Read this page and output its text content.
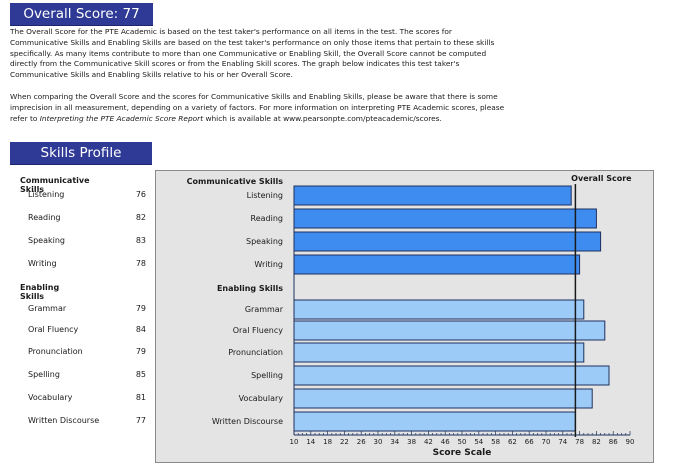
Overall Score: 77
The Overall Score for the PTE Academic is based on the test taker's performance on all items in the test. The scores for Communicative Skills and Enabling Skills are based on the test taker's performance on only those items that pertain to these skills specifically. As many items contribute to more than one Communicative or Enabling Skill, the Overall Score cannot be computed directly from the Communicative Skill scores or from the Enabling Skill scores. The graph below indicates this test taker's Communicative Skills and Enabling Skills relative to his or her Overall Score.
When comparing the Overall Score and the scores for Communicative Skills and Enabling Skills, please be aware that there is some imprecision in all measurement, depending on a variety of factors. For more information on interpreting PTE Academic scores, please refer to Interpreting the PTE Academic Score Report which is available at www.pearsonpte.com/pteacademic/scores.
Skills Profile
Communicative Skills
Listening	76
Reading	82
Speaking	83
Writing	78
Enabling Skills
Grammar	79
Oral Fluency	84
Pronunciation	79
Spelling	85
Vocabulary	81
Written Discourse	77
Communicative Skills
Enabling Skills
Overall Score
Listening
Reading
Speaking
Writing
Grammar
Oral Fluency
Pronunciation
Spelling
Vocabulary
Written Discourse
10 14 18 22 26 30 34 38 42 46 50 54 58 62 66 70 74 78 82 86 90
Score Scale
